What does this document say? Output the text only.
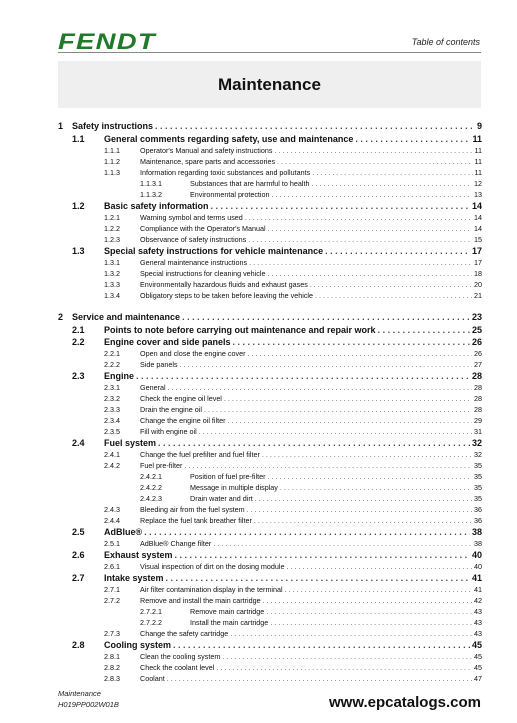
FENDT	Table of contents
Maintenance
1 Safety instructions . . .	9
1.1	General comments regarding safety, use and maintenance . . .	11
1.1.1	Operator's Manual and safety instructions . . .	11
1.1.2	Maintenance, spare parts and accessories . . .	11
1.1.3	Information regarding toxic substances and pollutants . . .	11
1.1.3.1	Substances that are harmful to health . . .	12
1.1.3.2	Environmental protection . . .	13
1.2	Basic safety information . . .	14
1.2.1	Warning symbol and terms used . . .	14
1.2.2	Compliance with the Operator's Manual . . .	14
1.2.3	Observance of safety instructions . . .	15
1.3	Special safety instructions for vehicle maintenance . . .	17
1.3.1	General maintenance instructions . . .	17
1.3.2	Special instructions for cleaning vehicle . . .	18
1.3.3	Environmentally hazardous fluids and exhaust gases . . .	20
1.3.4	Obligatory steps to be taken before leaving the vehicle . . .	21
2 Service and maintenance . . .	23
2.1	Points to note before carrying out maintenance and repair work . . .	25
2.2	Engine cover and side panels . . .	26
2.2.1	Open and close the engine cover . . .	26
2.2.2	Side panels . . .	27
2.3	Engine . . .	28
2.3.1	General . . .	28
2.3.2	Check the engine oil level . . .	28
2.3.3	Drain the engine oil . . .	28
2.3.4	Change the engine oil filter . . .	29
2.3.5	Fill with engine oil . . .	31
2.4	Fuel system . . .	32
2.4.1	Change the fuel prefilter and fuel filter . . .	32
2.4.2	Fuel pre-filter . . .	35
2.4.2.1	Position of fuel pre-filter . . .	35
2.4.2.2	Message in multiple display . . .	35
2.4.2.3	Drain water and dirt . . .	35
2.4.3	Bleeding air from the fuel system . . .	36
2.4.4	Replace the fuel tank breather filter . . .	36
2.5	AdBlue® . . .	38
2.5.1	AdBlue® Change filter . . .	38
2.6	Exhaust system . . .	40
2.6.1	Visual inspection of dirt on the dosing module . . .	40
2.7	Intake system . . .	41
2.7.1	Air filter contamination display in the terminal . . .	41
2.7.2	Remove and install the main cartridge . . .	42
2.7.2.1	Remove main cartridge . . .	43
2.7.2.2	Install the main cartridge . . .	43
2.7.3	Change the safety cartridge . . .	43
2.8	Cooling system . . .	45
2.8.1	Clean the cooling system . . .	45
2.8.2	Check the coolant level . . .	45
2.8.3	Coolant . . .	47
Maintenance
H019PP002W01B	www.epcatalogs.com
